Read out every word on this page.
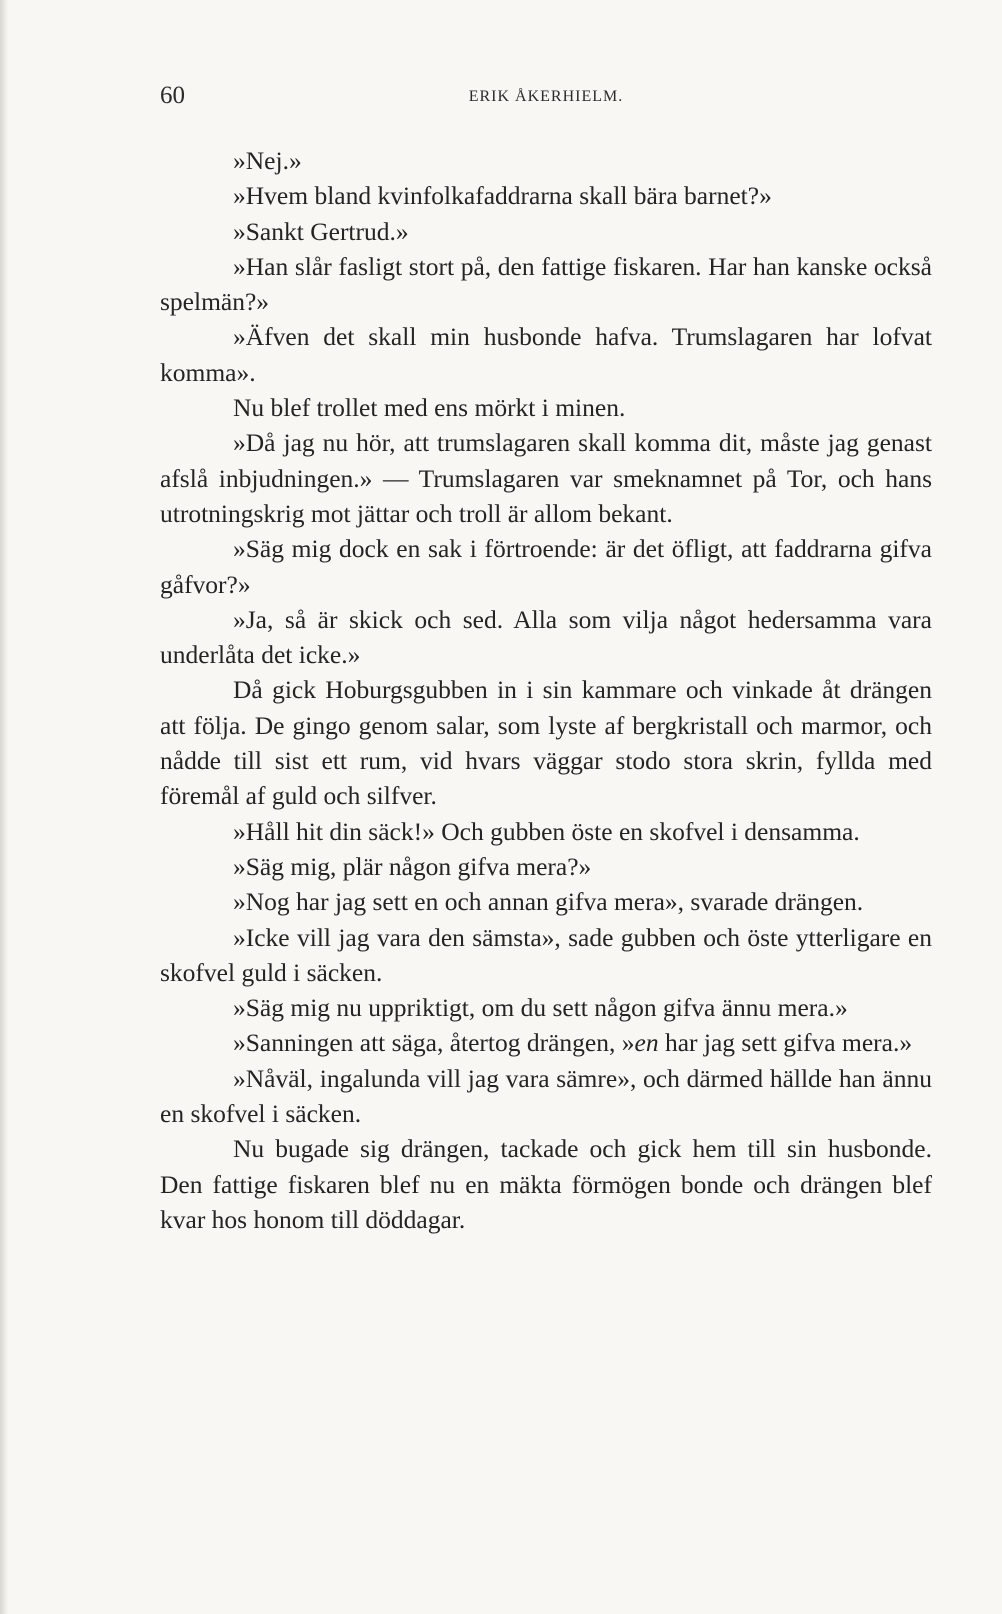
60	ERIK ÅKERHIELM.

»Nej.»

»Hvem bland kvinfolkafaddrarna skall bära barnet?»

»Sankt Gertrud.»

»Han slår fasligt stort på, den fattige fiskaren. Har han kanske också spelmän?»

»Äfven det skall min husbonde hafva. Trumslagaren har lofvat komma».

Nu blef trollet med ens mörkt i minen.

»Då jag nu hör, att trumslagaren skall komma dit, måste jag genast afslå inbjudningen.» — Trumslagaren var smeknamnet på Tor, och hans utrotningskrig mot jättar och troll är allom bekant.

»Säg mig dock en sak i förtroende: är det öfligt, att faddrarna gifva gåfvor?»

»Ja, så är skick och sed. Alla som vilja något hedersamma vara underlåta det icke.»

Då gick Hoburgsgubben in i sin kammare och vinkade åt drängen att följa. De gingo genom salar, som lyste af bergkristall och marmor, och nådde till sist ett rum, vid hvars väggar stodo stora skrin, fyllda med föremål af guld och silfver.

»Håll hit din säck!» Och gubben öste en skofvel i densamma.

»Säg mig, plär någon gifva mera?»

»Nog har jag sett en och annan gifva mera», svarade drängen.

»Icke vill jag vara den sämsta», sade gubben och öste ytterligare en skofvel guld i säcken.

»Säg mig nu uppriktigt, om du sett någon gifva ännu mera.»

»Sanningen att säga, återtog drängen, »en har jag sett gifva mera.»

»Nåväl, ingalunda vill jag vara sämre», och därmed hällde han ännu en skofvel i säcken.

Nu bugade sig drängen, tackade och gick hem till sin husbonde. Den fattige fiskaren blef nu en mäkta förmögen bonde och drängen blef kvar hos honom till döddagar.
